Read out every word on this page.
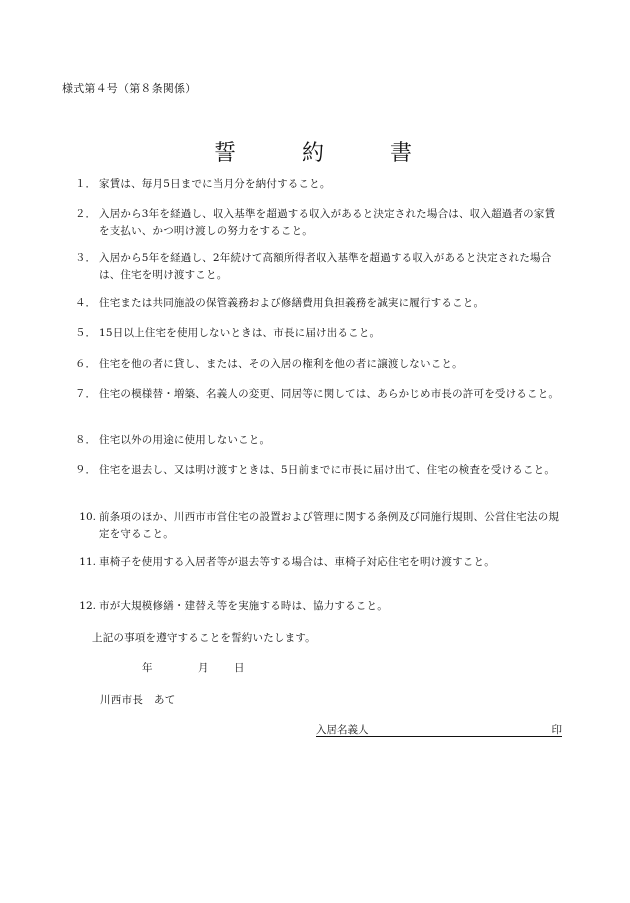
様式第４号（第８条関係）
誓　約　書
１． 家賃は、毎月5日までに当月分を納付すること。
２． 入居から3年を経過し、収入基準を超過する収入があると決定された場合は、収入超過者の家賃を支払い、かつ明け渡しの努力をすること。
３． 入居から5年を経過し、2年続けて高額所得者収入基準を超過する収入があると決定された場合は、住宅を明け渡すこと。
４． 住宅または共同施設の保管義務および修繕費用負担義務を誠実に履行すること。
５． 15日以上住宅を使用しないときは、市長に届け出ること。
６． 住宅を他の者に貸し、または、その入居の権利を他の者に譲渡しないこと。
７． 住宅の模様替・増築、名義人の変更、同居等に関しては、あらかじめ市長の許可を受けること。
８． 住宅以外の用途に使用しないこと。
９． 住宅を退去し、又は明け渡すときは、5日前までに市長に届け出て、住宅の検査を受けること。
10. 前条項のほか、川西市市営住宅の設置および管理に関する条例及び同施行規則、公営住宅法の規定を守ること。
11. 車椅子を使用する入居者等が退去等する場合は、車椅子対応住宅を明け渡すこと。
12. 市が大規模修繕・建替え等を実施する時は、協力すること。
上記の事項を遵守することを誓約いたします。
年	月 日
川西市長　あて
入居名義人	印
